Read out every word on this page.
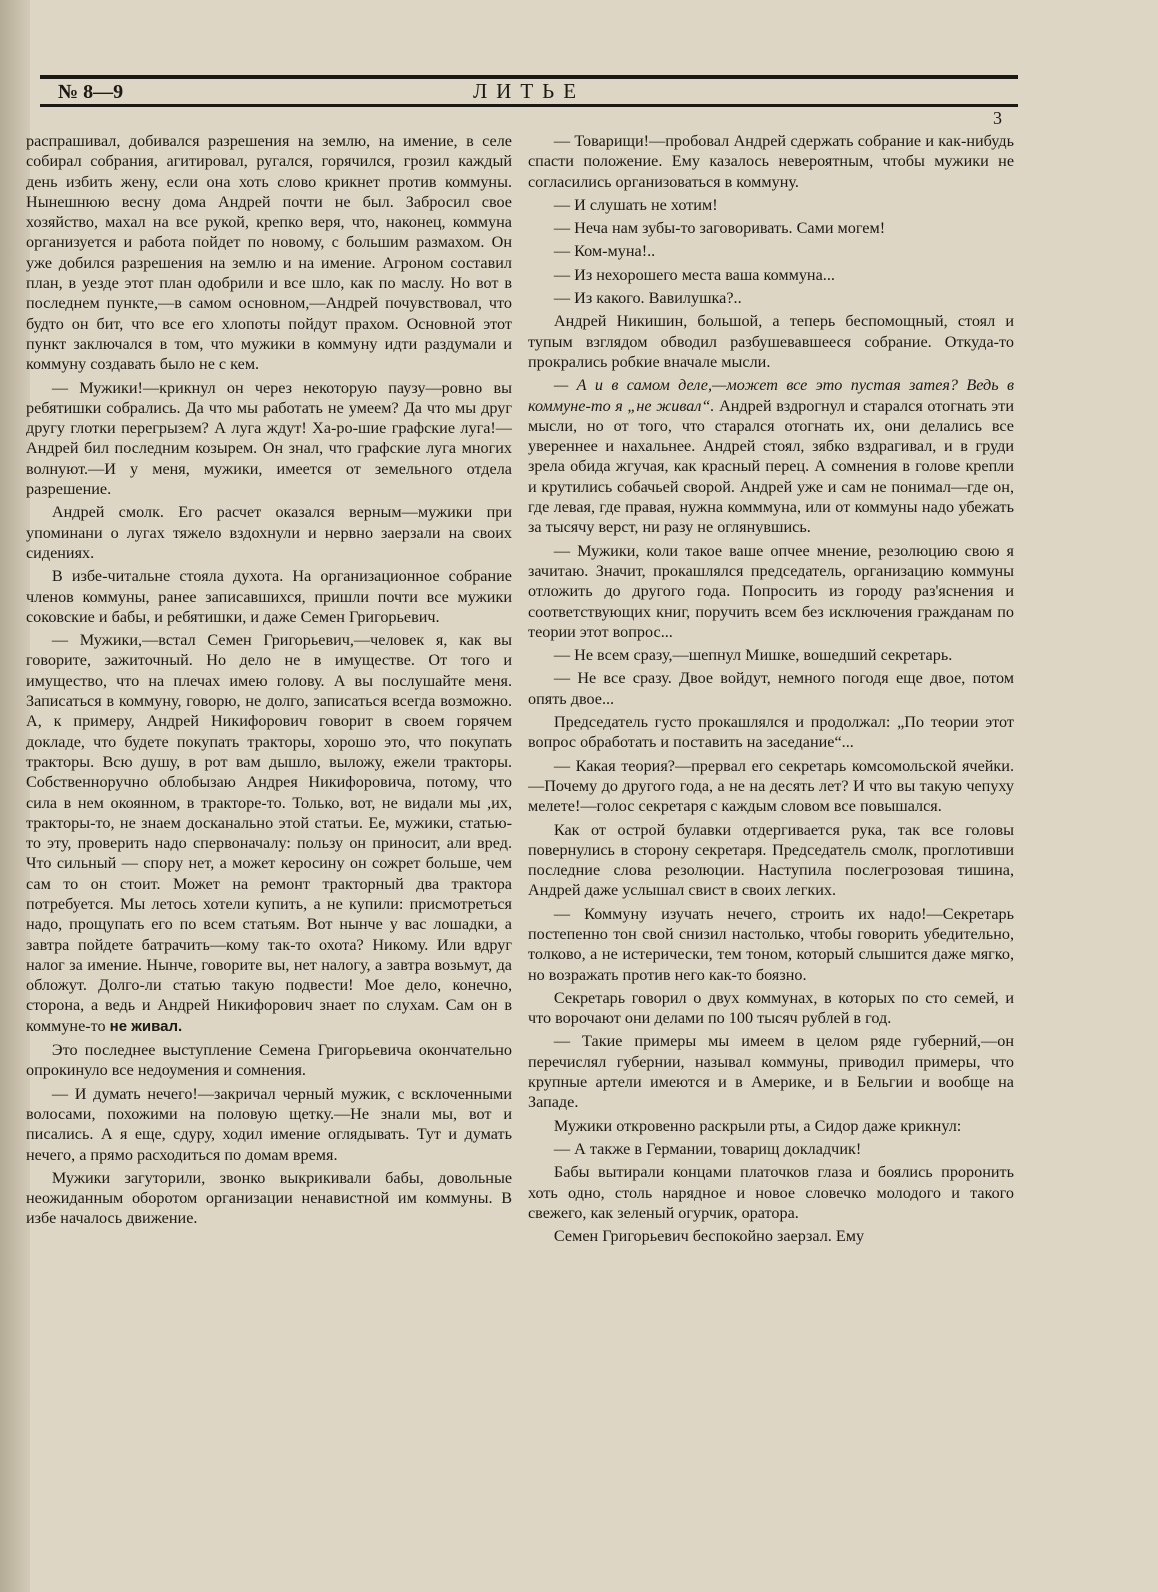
№ 8—9	ЛИТЬЕ
3

распрашивал, добивался разрешения на землю, на имение, в селе собирал собрания, агитировал, ругался, горячился, грозил каждый день избить жену, если она хоть слово крикнет против коммуны. Нынешнюю весну дома Андрей почти не был. Забросил свое хозяйство, махал на все рукой, крепко веря, что, наконец, коммуна организуется и работа пойдет по новому, с большим размахом. Он уже добился разрешения на землю и на имение. Агроном составил план, в уезде этот план одобрили и все шло, как по маслу. Но вот в последнем пункте,—в самом основном,—Андрей почувствовал, что будто он бит, что все его хлопоты пойдут прахом. Основной этот пункт заключался в том, что мужики в коммуну идти раздумали и коммуну создавать было не с кем.

— Мужики!—крикнул он через некоторую паузу—ровно вы ребятишки собрались. Да что мы работать не умеем? Да что мы друг другу глотки перегрызем? А луга ждут! Ха-ро-шие графские луга!—Андрей бил последним козырем. Он знал, что графские луга многих волнуют.—И у меня, мужики, имеется от земельного отдела разрешение.

Андрей смолк. Его расчет оказался верным—мужики при упоминани о лугах тяжело вздохнули и нервно заерзали на своих сидениях.

В избе-читальне стояла духота. На организационное собрание членов коммуны, ранее записавшихся, пришли почти все мужики соковские и бабы, и ребятишки, и даже Семен Григорьевич.

— Мужики,—встал Семен Григорьевич,—человек я, как вы говорите, зажиточный. Но дело не в имуществе. От того и имущество, что на плечах имею голову. А вы послушайте меня. Записаться в коммуну, говорю, не долго, записаться всегда возможно. А, к примеру, Андрей Никифорович говорит в своем горячем докладе, что будете покупать тракторы, хорошо это, что покупать тракторы. Всю душу, в рот вам дышло, выложу, ежели тракторы. Собственноручно облобызаю Андрея Никифоровича, потому, что сила в нем окоянном, в тракторе-то. Только, вот, не видали мы ,их, тракторы-то, не знаем досканально этой статьи. Ее, мужики, статью-то эту, проверить надо спервоначалу: пользу он приносит, али вред. Что сильный — спору нет, а может керосину он сожрет больше, чем сам то он стоит. Может на ремонт тракторный два трактора потребуется. Мы летось хотели купить, а не купили: присмотреться надо, прощупать его по всем статьям. Вот нынче у вас лошадки, а завтра пойдете батрачить—кому так-то охота? Никому. Или вдруг налог за имение. Нынче, говорите вы, нет налогу, а завтра возьмут, да обложут. Долго-ли статью такую подвести! Мое дело, конечно, сторона, а ведь и Андрей Никифорович знает по слухам. Сам он в коммуне-то не живал.

Это последнее выступление Семена Григорьевича окончательно опрокинуло все недоумения и сомнения.

— И думать нечего!—закричал черный мужик, с всклоченными волосами, похожими на половую щетку.—Не знали мы, вот и писались. А я еще, сдуру, ходил имение оглядывать. Тут и думать нечего, а прямо расходиться по домам время.

Мужики загуторили, звонко выкрикивали бабы, довольные неожиданным оборотом организации ненавистной им коммуны. В избе началось движение.

— Товарищи!—пробовал Андрей сдержать собрание и как-нибудь спасти положение. Ему казалось невероятным, чтобы мужики не согласились организоваться в коммуну.

— И слушать не хотим!

— Неча нам зубы-то заговоривать. Сами могем!

— Ком-муна!..

— Из нехорошего места ваша коммуна...

— Из какого. Вавилушка?..

Андрей Никишин, большой, а теперь беспомощный, стоял и тупым взглядом обводил разбушевавшееся собрание. Откуда-то прокрались робкие вначале мысли.

— А и в самом деле,—может все это пустая затея? Ведь в коммуне-то я „не живал“. Андрей вздрогнул и старался отогнать эти мысли, но от того, что старался отогнать их, они делались все увереннее и нахальнее. Андрей стоял, зябко вздрагивал, и в груди зрела обида жгучая, как красный перец. А сомнения в голове крепли и крутились собачьей сворой. Андрей уже и сам не понимал—где он, где левая, где правая, нужна комммуна, или от коммуны надо убежать за тысячу верст, ни разу не оглянувшись.

— Мужики, коли такое ваше опчее мнение, резолюцию свою я зачитаю. Значит, прокашлялся председатель, организацию коммуны отложить до другого года. Попросить из городу раз'яснения и соответствующих книг, поручить всем без исключения гражданам по теории этот вопрос...

— Не всем сразу,—шепнул Мишке, вошедший секретарь.

— Не все сразу. Двое войдут, немного погодя еще двое, потом опять двое...

Председатель густо прокашлялся и продолжал: „По теории этот вопрос обработать и поставить на заседание“...

— Какая теория?—прервал его секретарь комсомольской ячейки.—Почему до другого года, а не на десять лет? И что вы такую чепуху мелете!—голос секретаря с каждым словом все повышался.

Как от острой булавки отдергивается рука, так все головы повернулись в сторону секретаря. Председатель смолк, проглотивши последние слова резолюции. Наступила послегрозовая тишина, Андрей даже услышал свист в своих легких.

— Коммуну изучать нечего, строить их надо!—Секретарь постепенно тон свой снизил настолько, чтобы говорить убедительно, толково, а не истерически, тем тоном, который слышится даже мягко, но возражать против него как-то боязно.

Секретарь говорил о двух коммунах, в которых по сто семей, и что ворочают они делами по 100 тысяч рублей в год.

— Такие примеры мы имеем в целом ряде губерний,—он перечислял губернии, называл коммуны, приводил примеры, что крупные артели имеются и в Америке, и в Бельгии и вообще на Западе.

Мужики откровенно раскрыли рты, а Сидор даже крикнул:

— А также в Германии, товарищ докладчик!

Бабы вытирали концами платочков глаза и боялись проронить хоть одно, столь нарядное и новое словечко молодого и такого свежего, как зеленый огурчик, оратора.

Семен Григорьевич беспокойно заерзал. Ему
